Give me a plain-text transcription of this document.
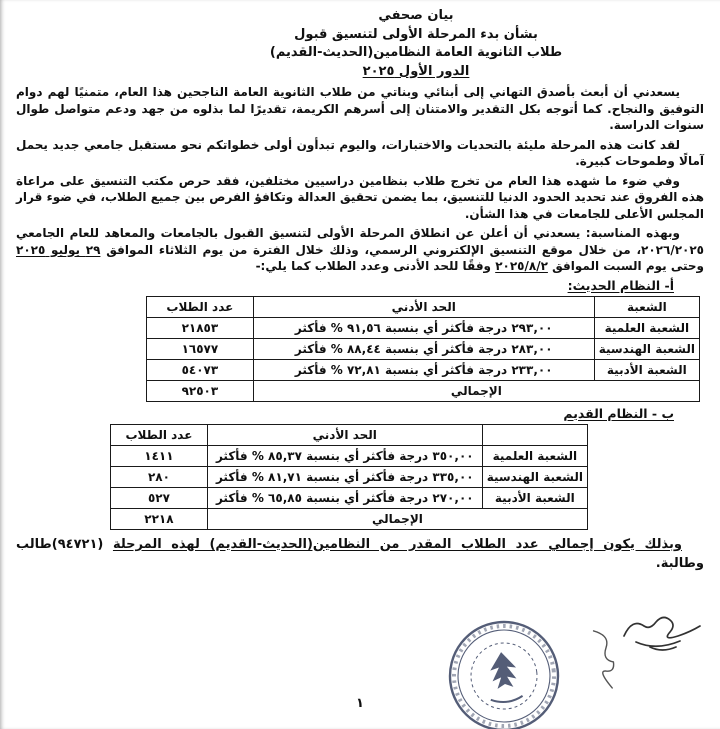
بيان صحفي
بشأن بدء المرحلة الأولى لتنسيق قبول
طلاب الثانوية العامة النظامين(الحديث-القديم)
الدور الأول ٢٠٢٥

يسعدني أن أبعث بأصدق التهاني إلى أبنائي وبناتي من طلاب الثانوية العامة الناجحين هذا العام، متمنيًا لهم دوام التوفيق والنجاح. كما أتوجه بكل التقدير والامتنان إلى أسرهم الكريمة، تقديرًا لما بذلوه من جهد ودعم متواصل طوال سنوات الدراسة.

لقد كانت هذه المرحلة مليئة بالتحديات والاختبارات، واليوم تبدأون أولى خطواتكم نحو مستقبل جامعي جديد يحمل آمالًا وطموحات كبيرة.

وفي ضوء ما شهده هذا العام من تخرج طلاب بنظامين دراسيين مختلفين، فقد حرص مكتب التنسيق على مراعاة هذه الفروق عند تحديد الحدود الدنيا للتنسيق، بما يضمن تحقيق العدالة وتكافؤ الفرص بين جميع الطلاب، في ضوء قرار المجلس الأعلى للجامعات في هذا الشأن.

وبهذه المناسبة: يسعدني أن أعلن عن انطلاق المرحلة الأولى لتنسيق القبول بالجامعات والمعاهد للعام الجامعي ٢٠٢٦/٢٠٢٥، من خلال موقع التنسيق الإلكتروني الرسمي، وذلك خلال الفترة من يوم الثلاثاء الموافق ٢٩ يوليو ٢٠٢٥ وحتى يوم السبت الموافق ٢٠٢٥/٨/٢ وفقًا للحد الأدنى وعدد الطلاب كما يلي:-

أ- النظام الحديث:
الشعبة	الحد الأدني	عدد الطلاب
الشعبة العلمية	٢٩٣,٠٠ درجة فأكثر أي بنسبة ٩١,٥٦ % فأكثر	٢١٨٥٣
الشعبة الهندسية	٢٨٣,٠٠ درجة فأكثر أي بنسبة ٨٨,٤٤ % فأكثر	١٦٥٧٧
الشعبة الأدبية	٢٣٣,٠٠ درجة فأكثر أي بنسبة ٧٢,٨١ % فأكثر	٥٤٠٧٣
الإجمالي		٩٢٥٠٣
ب - النظام القديم
	الحد الأدني	عدد الطلاب
الشعبة العلمية	٣٥٠,٠٠ درجة فأكثر أي بنسبة ٨٥,٣٧ % فأكثر	١٤١١
الشعبة الهندسية	٣٣٥,٠٠ درجة فأكثر أي بنسبة ٨١,٧١ % فأكثر	٢٨٠
الشعبة الأدبية	٢٧٠,٠٠ درجة فأكثر أي بنسبة ٦٥,٨٥ % فأكثر	٥٢٧
الإجمالي		٢٢١٨

وبذلك يكون إجمالي عدد الطلاب المقدر من النظامين(الحديث-القديم) لهذه المرحلة (٩٤٧٢١)طالب وطالبة.

١
